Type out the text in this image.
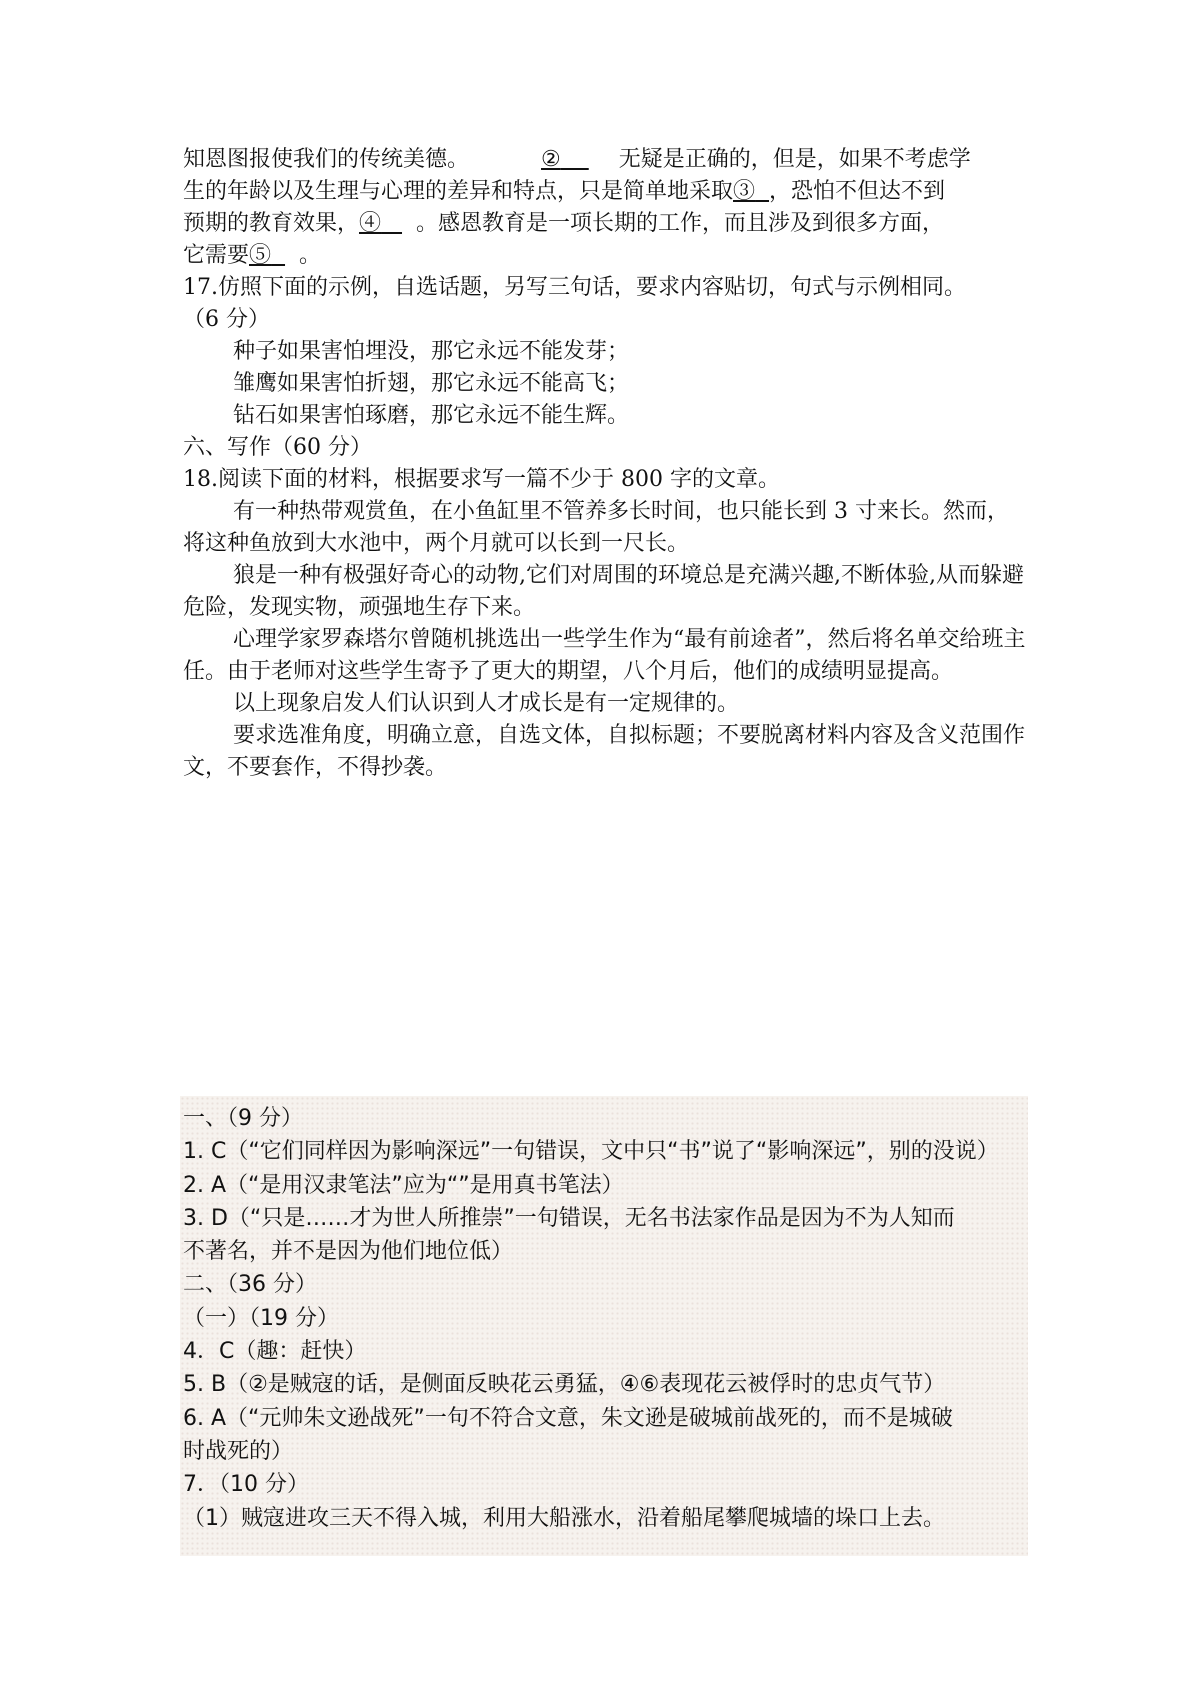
知恩图报使我们的传统美德。	②	无疑是正确的，但是，如果不考虑学

生的年龄以及生理与心理的差异和特点，只是简单地采取③ ，恐怕不但达不到

预期的教育效果，④ 。感恩教育是一项长期的工作，而且涉及到很多方面，

它需要⑤ 。

17.仿照下面的示例，自选话题，另写三句话，要求内容贴切，句式与示例相同。

（6 分）

种子如果害怕埋没，那它永远不能发芽；

雏鹰如果害怕折翅，那它永远不能高飞；

钻石如果害怕琢磨，那它永远不能生辉。

六、写作（60 分）

18.阅读下面的材料，根据要求写一篇不少于 800 字的文章。

有一种热带观赏鱼，在小鱼缸里不管养多长时间，也只能长到 3 寸来长。然而，将这种鱼放到大水池中，两个月就可以长到一尺长。

狼是一种有极强好奇心的动物,它们对周围的环境总是充满兴趣,不断体验,从而躲避危险，发现实物，顽强地生存下来。

心理学家罗森塔尔曾随机挑选出一些学生作为“最有前途者”，然后将名单交给班主任。由于老师对这些学生寄予了更大的期望，八个月后，他们的成绩明显提高。

以上现象启发人们认识到人才成长是有一定规律的。

要求选准角度，明确立意，自选文体，自拟标题；不要脱离材料内容及含义范围作文，不要套作，不得抄袭。

一、（9 分）

1. C（“它们同样因为影响深远”一句错误，文中只“书”说了“影响深远”，别的没说）

2. A（“是用汉隶笔法”应为“”是用真书笔法）

3. D（“只是……才为世人所推崇”一句错误，无名书法家作品是因为不为人知而

不著名，并不是因为他们地位低）

二、（36 分）

（一）（19 分）

4．C（趣：赶快）

5. B（②是贼寇的话，是侧面反映花云勇猛，④⑥表现花云被俘时的忠贞气节）

6. A（“元帅朱文逊战死”一句不符合文意，朱文逊是破城前战死的，而不是城破

时战死的）

7．（10 分）

（1）贼寇进攻三天不得入城，利用大船涨水，沿着船尾攀爬城墙的垛口上去。
